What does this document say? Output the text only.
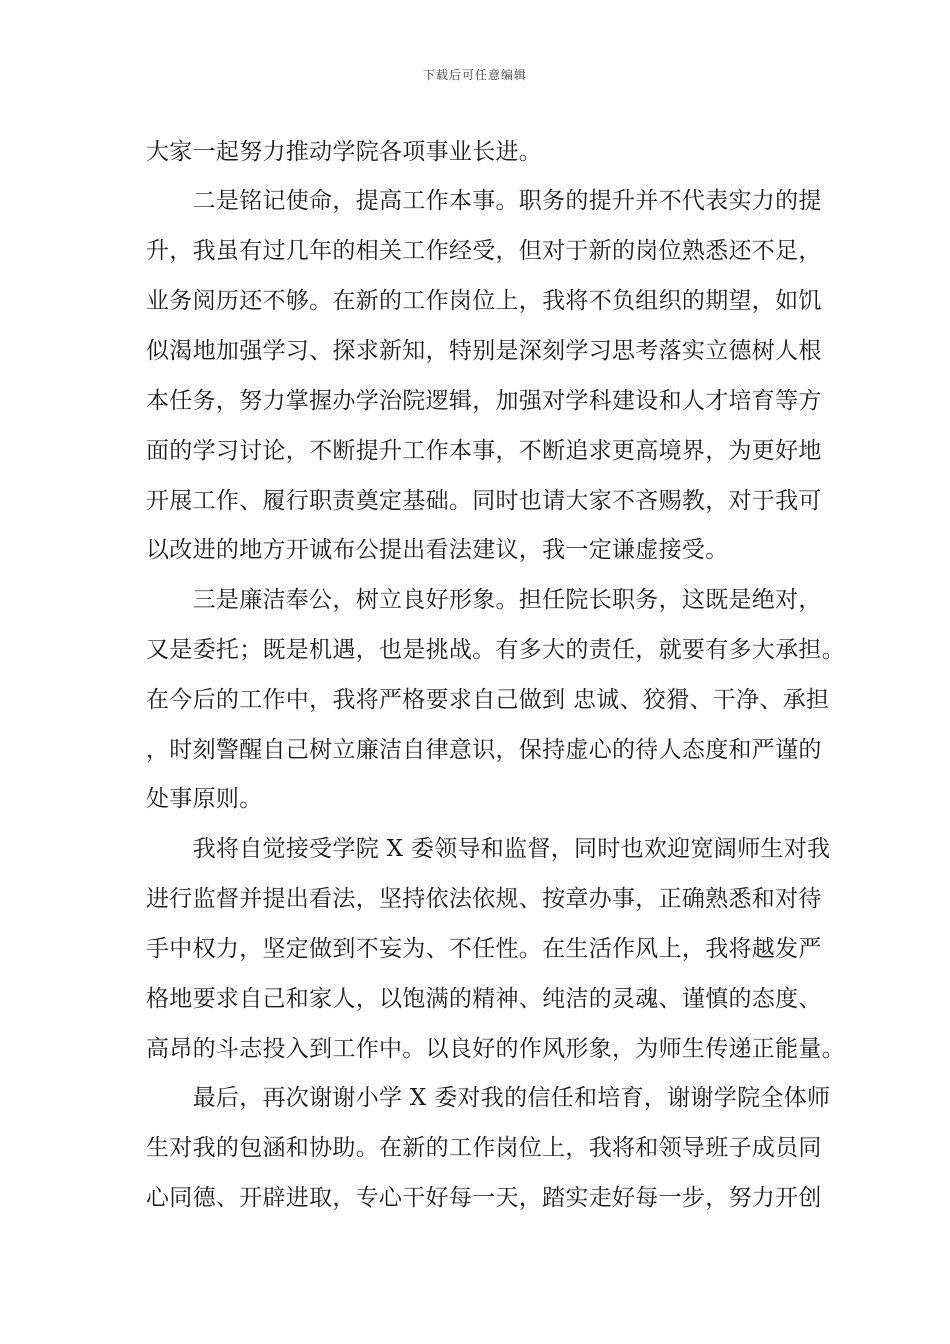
下载后可任意编辑
大家一起努力推动学院各项事业长进。
　　二是铭记使命，提高工作本事。职务的提升并不代表实力的提
升，我虽有过几年的相关工作经受，但对于新的岗位熟悉还不足，
业务阅历还不够。在新的工作岗位上，我将不负组织的期望，如饥
似渴地加强学习、探求新知，特别是深刻学习思考落实立德树人根
本任务，努力掌握办学治院逻辑，加强对学科建设和人才培育等方
面的学习讨论，不断提升工作本事，不断追求更高境界，为更好地
开展工作、履行职责奠定基础。同时也请大家不吝赐教，对于我可
以改进的地方开诚布公提出看法建议，我一定谦虚接受。
　　三是廉洁奉公，树立良好形象。担任院长职务，这既是绝对，
又是委托；既是机遇，也是挑战。有多大的责任，就要有多大承担。
在今后的工作中，我将严格要求自己做到 忠诚、狡猾、干净、承担
，时刻警醒自己树立廉洁自律意识，保持虚心的待人态度和严谨的
处事原则。
　　我将自觉接受学院 X 委领导和监督，同时也欢迎宽阔师生对我
进行监督并提出看法，坚持依法依规、按章办事，正确熟悉和对待
手中权力，坚定做到不妄为、不任性。在生活作风上，我将越发严
格地要求自己和家人，以饱满的精神、纯洁的灵魂、谨慎的态度、
高昂的斗志投入到工作中。以良好的作风形象，为师生传递正能量。
　　最后，再次谢谢小学 X 委对我的信任和培育，谢谢学院全体师
生对我的包涵和协助。在新的工作岗位上，我将和领导班子成员同
心同德、开辟进取，专心干好每一天，踏实走好每一步，努力开创
